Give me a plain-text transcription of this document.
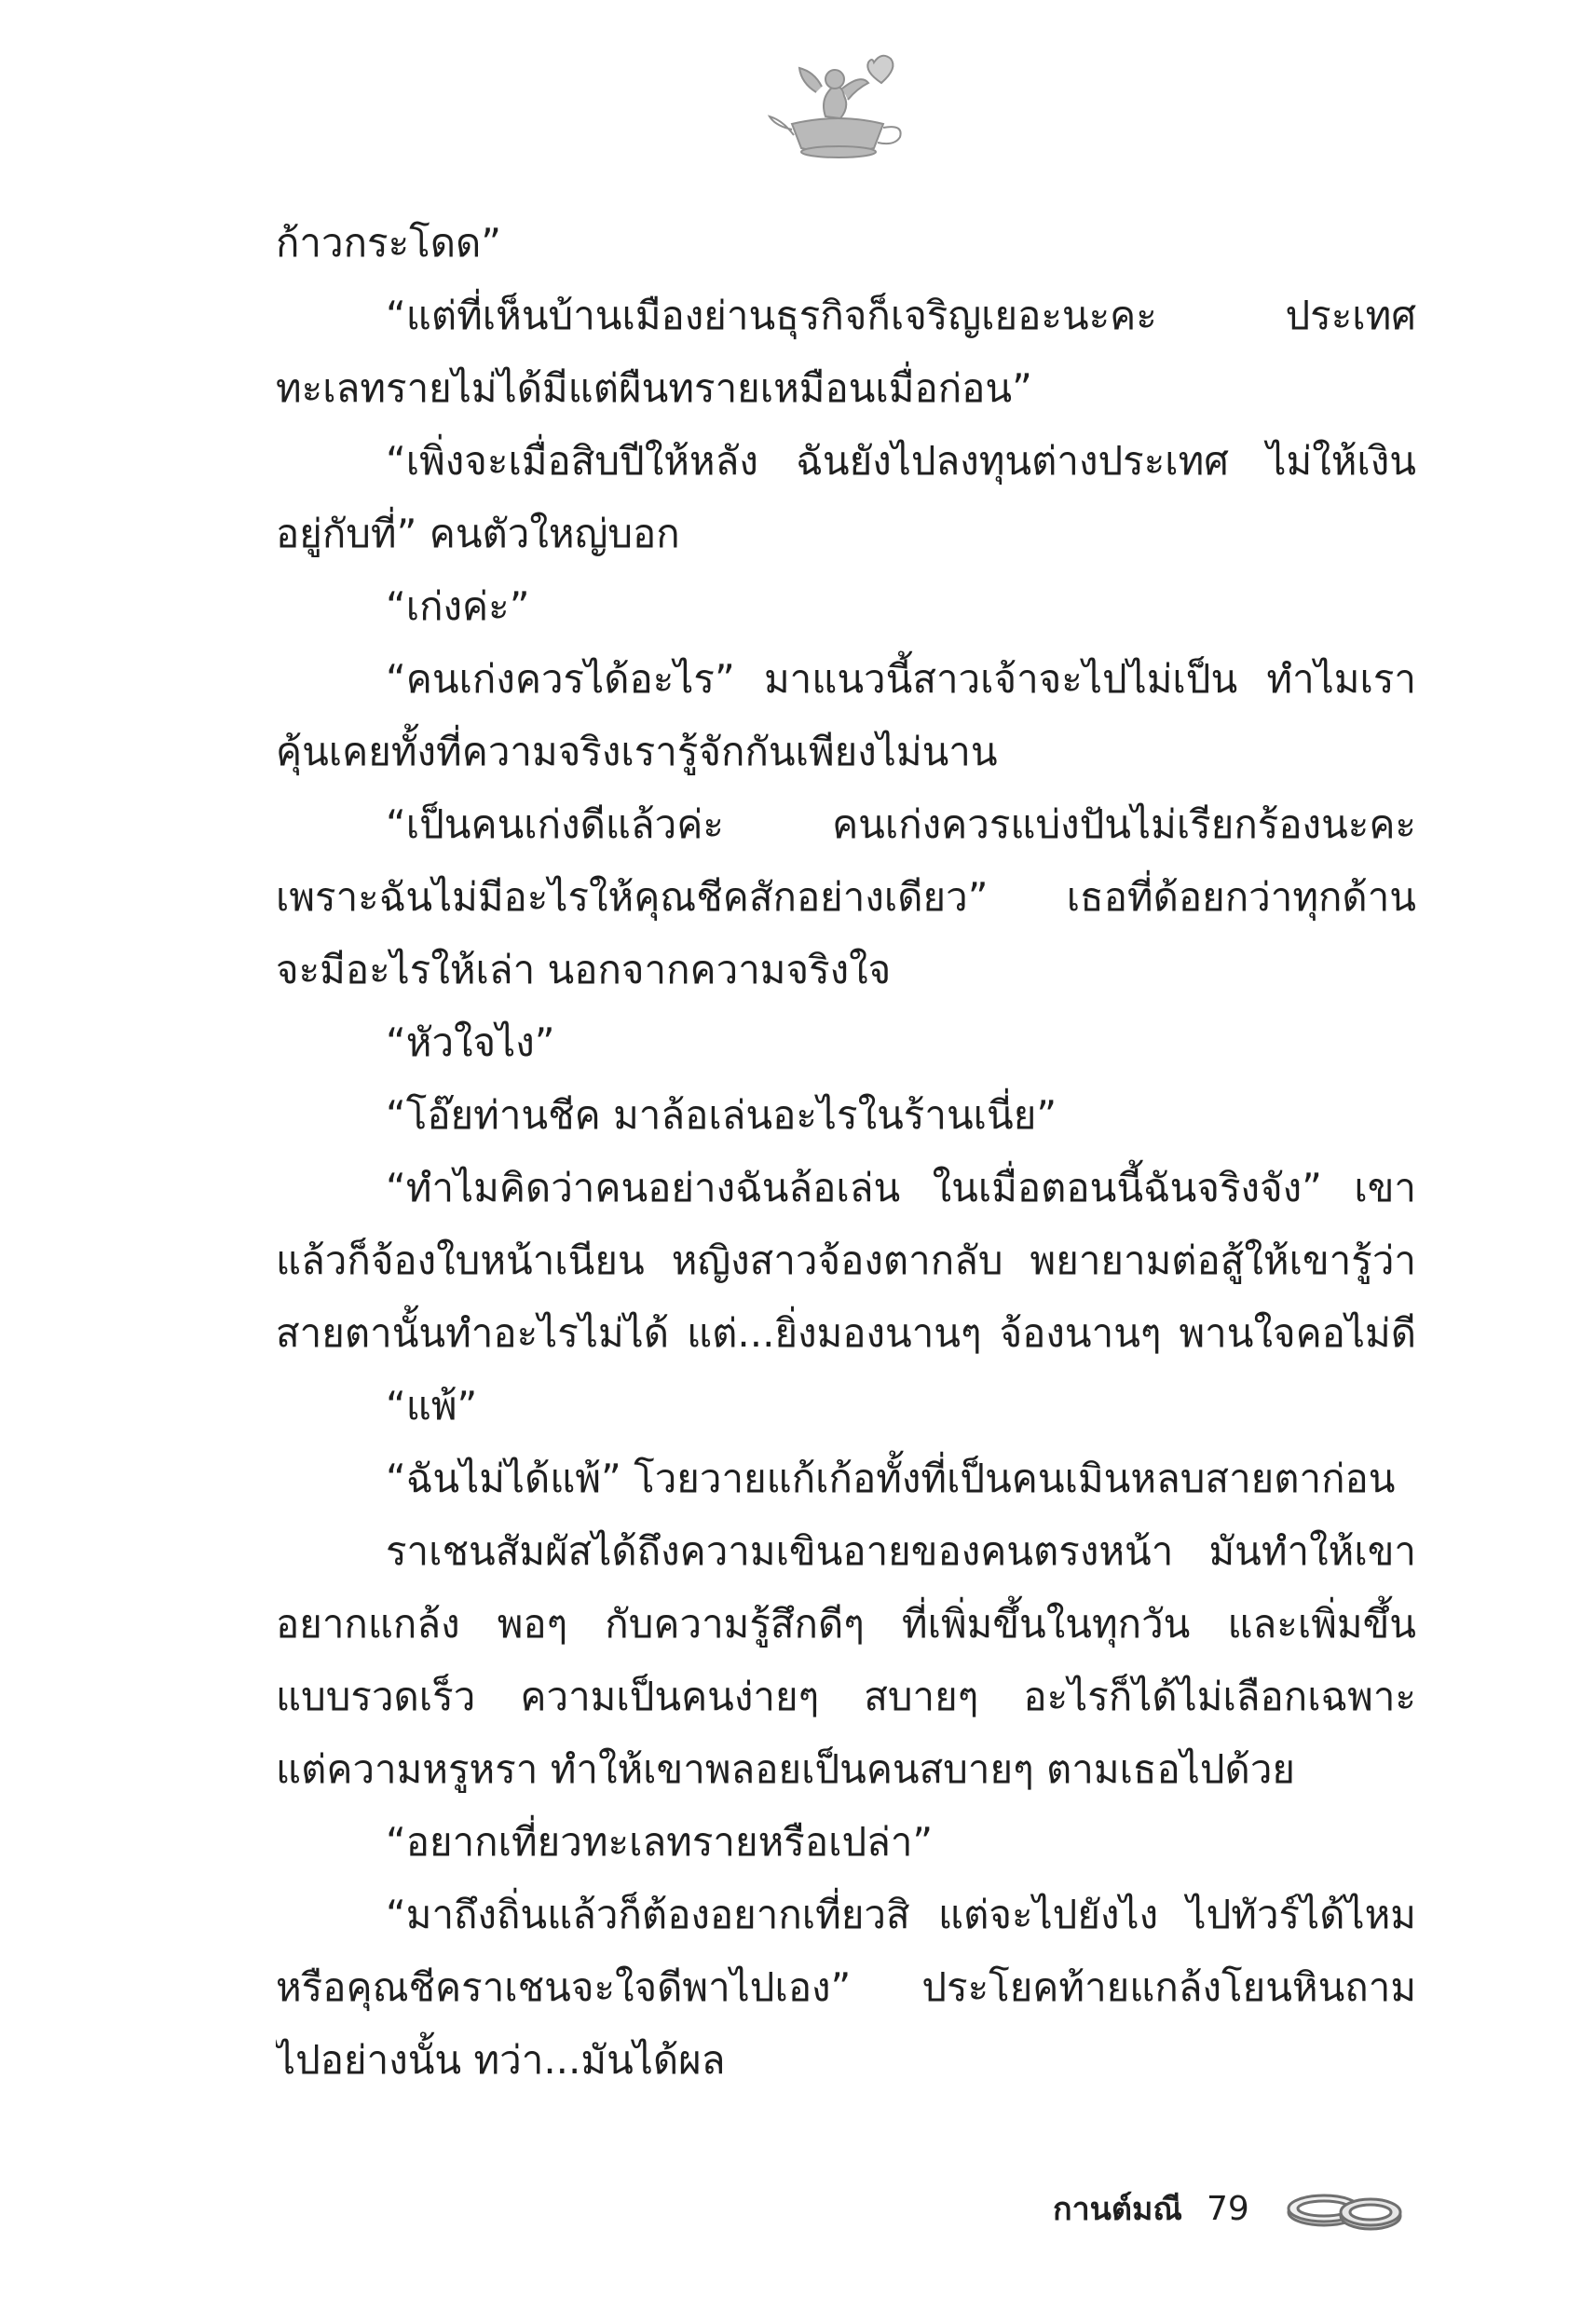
ก้าวกระโดด”
“แต่ที่เห็นบ้านเมืองย่านธุรกิจก็เจริญเยอะนะคะ ประเทศ
ทะเลทรายไม่ได้มีแต่ผืนทรายเหมือนเมื่อก่อน”
“เพิ่งจะเมื่อสิบปีให้หลัง ฉันยังไปลงทุนต่างประเทศ ไม่ให้เงิน
อยู่กับที่” คนตัวใหญ่บอก
“เก่งค่ะ”
“คนเก่งควรได้อะไร” มาแนวนี้สาวเจ้าจะไปไม่เป็น ทำไมเรา
คุ้นเคยทั้งที่ความจริงเรารู้จักกันเพียงไม่นาน
“เป็นคนเก่งดีแล้วค่ะ คนเก่งควรแบ่งปันไม่เรียกร้องนะคะ
เพราะฉันไม่มีอะไรให้คุณชีคสักอย่างเดียว” เธอที่ด้อยกว่าทุกด้าน
จะมีอะไรให้เล่า นอกจากความจริงใจ
“หัวใจไง”
“โอ๊ยท่านชีค มาล้อเล่นอะไรในร้านเนี่ย”
“ทำไมคิดว่าคนอย่างฉันล้อเล่น ในเมื่อตอนนี้ฉันจริงจัง” เขา
แล้วก็จ้องใบหน้าเนียน หญิงสาวจ้องตากลับ พยายามต่อสู้ให้เขารู้ว่า
สายตานั้นทำอะไรไม่ได้ แต่...ยิ่งมองนานๆ จ้องนานๆ พานใจคอไม่ดี
“แพ้”
“ฉันไม่ได้แพ้” โวยวายแก้เก้อทั้งที่เป็นคนเมินหลบสายตาก่อน
ราเชนสัมผัสได้ถึงความเขินอายของคนตรงหน้า มันทำให้เขา
อยากแกล้ง พอๆ กับความรู้สึกดีๆ ที่เพิ่มขึ้นในทุกวัน และเพิ่มขึ้น
แบบรวดเร็ว ความเป็นคนง่ายๆ สบายๆ อะไรก็ได้ไม่เลือกเฉพาะ
แต่ความหรูหรา ทำให้เขาพลอยเป็นคนสบายๆ ตามเธอไปด้วย
“อยากเที่ยวทะเลทรายหรือเปล่า”
“มาถึงถิ่นแล้วก็ต้องอยากเที่ยวสิ แต่จะไปยังไง ไปทัวร์ได้ไหม
หรือคุณชีคราเชนจะใจดีพาไปเอง” ประโยคท้ายแกล้งโยนหินถาม
ไปอย่างนั้น ทว่า...มันได้ผล
กานต์มณี 79
